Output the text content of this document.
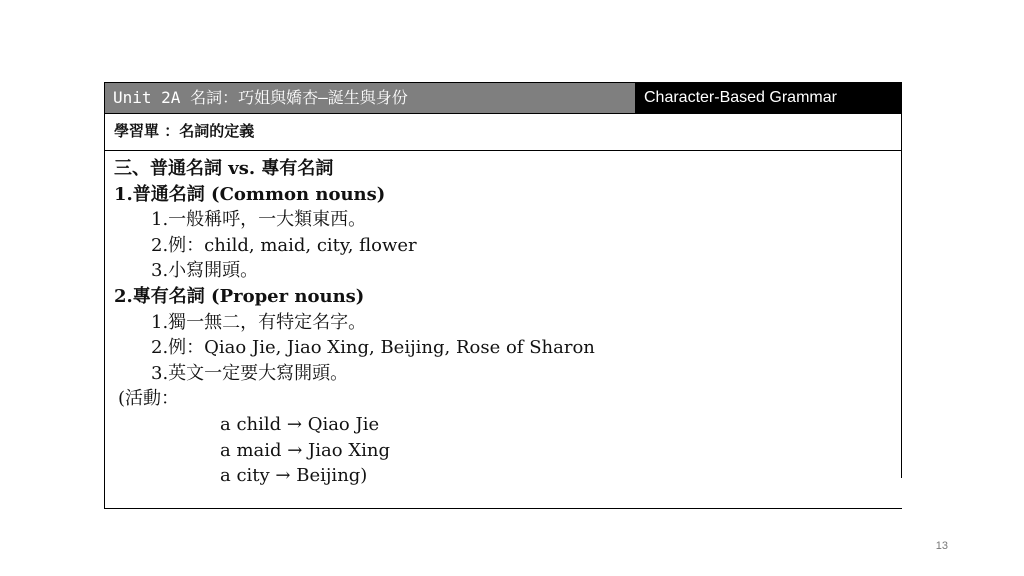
Unit 2A 名詞：巧姐與嬌杏—誕生與身份	Character-Based Grammar
學習單 ：名詞的定義
三、普通名詞 vs. 專有名詞
1.普通名詞 (Common nouns)
1.一般稱呼，一大類東西。
2.例：child, maid, city, flower
3.小寫開頭。
2.專有名詞 (Proper nouns)
1.獨一無二，有特定名字。
2.例：Qiao Jie, Jiao Xing, Beijing, Rose of Sharon
3.英文一定要大寫開頭。
(活動：
a child → Qiao Jie
a maid → Jiao Xing
a city → Beijing)
13
